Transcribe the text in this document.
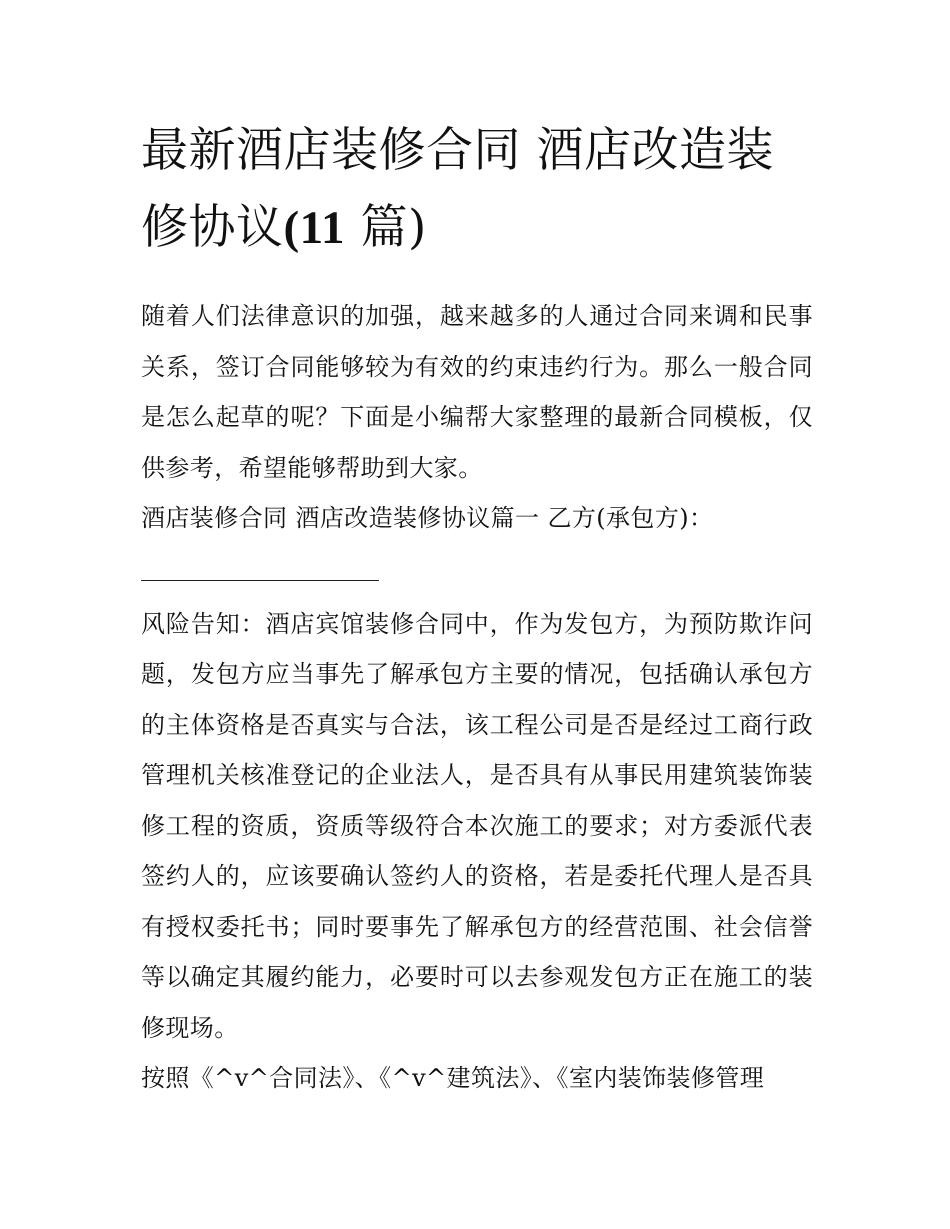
最新酒店装修合同 酒店改造装修协议(11 篇)

随着人们法律意识的加强，越来越多的人通过合同来调和民事关系，签订合同能够较为有效的约束违约行为。那么一般合同是怎么起草的呢？下面是小编帮大家整理的最新合同模板，仅供参考，希望能够帮助到大家。

酒店装修合同 酒店改造装修协议篇一 乙方(承包方)：

风险告知：酒店宾馆装修合同中，作为发包方，为预防欺诈问题，发包方应当事先了解承包方主要的情况，包括确认承包方的主体资格是否真实与合法，该工程公司是否是经过工商行政管理机关核准登记的企业法人，是否具有从事民用建筑装饰装修工程的资质，资质等级符合本次施工的要求；对方委派代表签约人的，应该要确认签约人的资格，若是委托代理人是否具有授权委托书；同时要事先了解承包方的经营范围、社会信誉等以确定其履约能力，必要时可以去参观发包方正在施工的装修现场。

按照《^v^合同法》、《^v^建筑法》、《室内装饰装修管理
